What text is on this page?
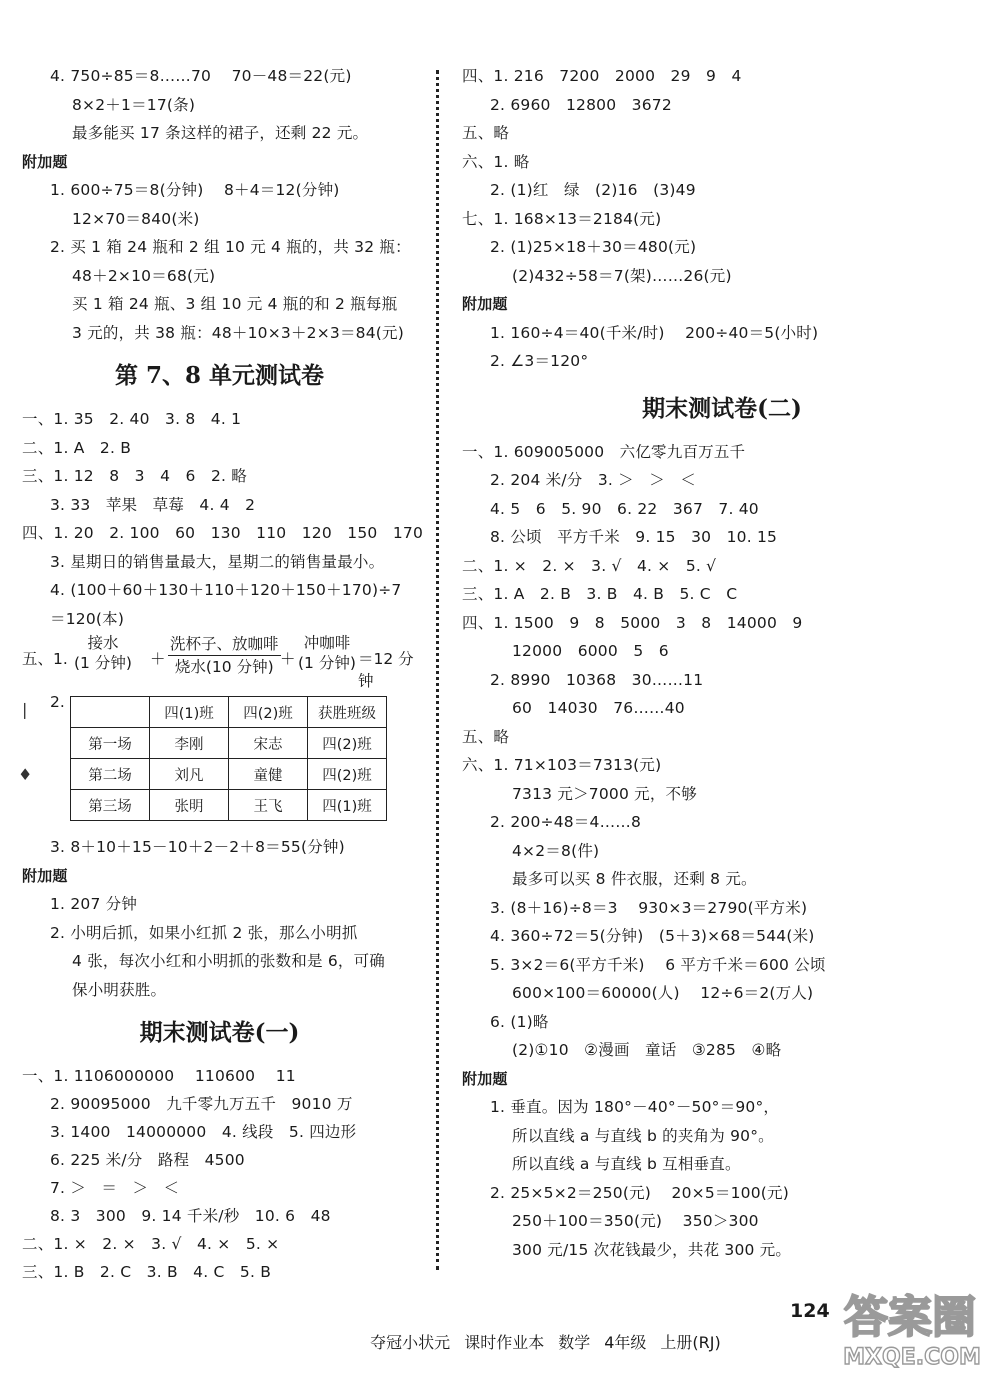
4. 750÷85＝8……70    70－48＝22(元)
8×2＋1＝17(条)
最多能买 17 条这样的裙子，还剩 22 元。
附加题
1. 600÷75＝8(分钟)    8＋4＝12(分钟)
12×70＝840(米)
2. 买 1 箱 24 瓶和 2 组 10 元 4 瓶的，共 32 瓶：
48＋2×10＝68(元)
买 1 箱 24 瓶、3 组 10 元 4 瓶的和 2 瓶每瓶
3 元的，共 38 瓶：48＋10×3＋2×3＝84(元)
第 7、8 单元测试卷
一、1. 35   2. 40   3. 8   4. 1
二、1. A   2. B
三、1. 12   8   3   4   6   2. 略
3. 33   苹果   草莓   4. 4   2
四、1. 20   2. 100   60   130   110   120   150   170
3. 星期日的销售量最大，星期二的销售量最小。
4. (100＋60＋130＋110＋120＋150＋170)÷7
＝120(本)
五、1.
接水
(1 分钟) ＋
洗杯子、放咖啡
烧水(10 分钟) ＋
冲咖啡
(1 分钟) ＝12 分钟
2.
	四(1)班	四(2)班	获胜班级
第一场	李刚	宋志	四(2)班
第二场	刘凡	童健	四(2)班
第三场	张明	王飞	四(1)班
3. 8＋10＋15－10＋2－2＋8＝55(分钟)
附加题
1. 207 分钟
2. 小明后抓，如果小红抓 2 张，那么小明抓
4 张，每次小红和小明抓的张数和是 6，可确
保小明获胜。
期末测试卷(一)
一、1. 1106000000    110600    11
2. 90095000   九千零九万五千   9010 万
3. 1400   14000000   4. 线段   5. 四边形
6. 225 米/分   路程   4500
7. ＞   ＝   ＞   ＜
8. 3   300   9. 14 千米/秒   10. 6   48
二、1. ×   2. ×   3. √   4. ×   5. ×
三、1. B   2. C   3. B   4. C   5. B
四、1. 216   7200   2000   29   9   4
2. 6960   12800   3672
五、略
六、1. 略
2. (1)红   绿   (2)16   (3)49
七、1. 168×13＝2184(元)
2. (1)25×18＋30＝480(元)
(2)432÷58＝7(架)……26(元)
附加题
1. 160÷4＝40(千米/时)    200÷40＝5(小时)
2. ∠3＝120°
期末测试卷(二)
一、1. 609005000   六亿零九百万五千
2. 204 米/分   3. ＞   ＞   ＜
4. 5   6   5. 90   6. 22   367   7. 40
8. 公顷   平方千米   9. 15   30   10. 15
二、1. ×   2. ×   3. √   4. ×   5. √
三、1. A   2. B   3. B   4. B   5. C   C
四、1. 1500   9   8   5000   3   8   14000   9
12000   6000   5   6
2. 8990   10368   30……11
60   14030   76……40
五、略
六、1. 71×103＝7313(元)
7313 元＞7000 元，不够
2. 200÷48＝4……8
4×2＝8(件)
最多可以买 8 件衣服，还剩 8 元。
3. (8＋16)÷8＝3    930×3＝2790(平方米)
4. 360÷72＝5(分钟)   (5＋3)×68＝544(米)
5. 3×2＝6(平方千米)    6 平方千米＝600 公顷
600×100＝60000(人)    12÷6＝2(万人)
6. (1)略
(2)①10   ②漫画   童话   ③285   ④略
附加题
1. 垂直。因为 180°－40°－50°＝90°，
所以直线 a 与直线 b 的夹角为 90°。
所以直线 a 与直线 b 互相垂直。
2. 25×5×2＝250(元)    20×5＝100(元)
250＋100＝350(元)    350＞300
300 元/15 次花钱最少，共花 300 元。
❘
♦

夺冠小状元 课时作业本 数学 4年级 上册(RJ)

124 答案圈
MXQE.COM
